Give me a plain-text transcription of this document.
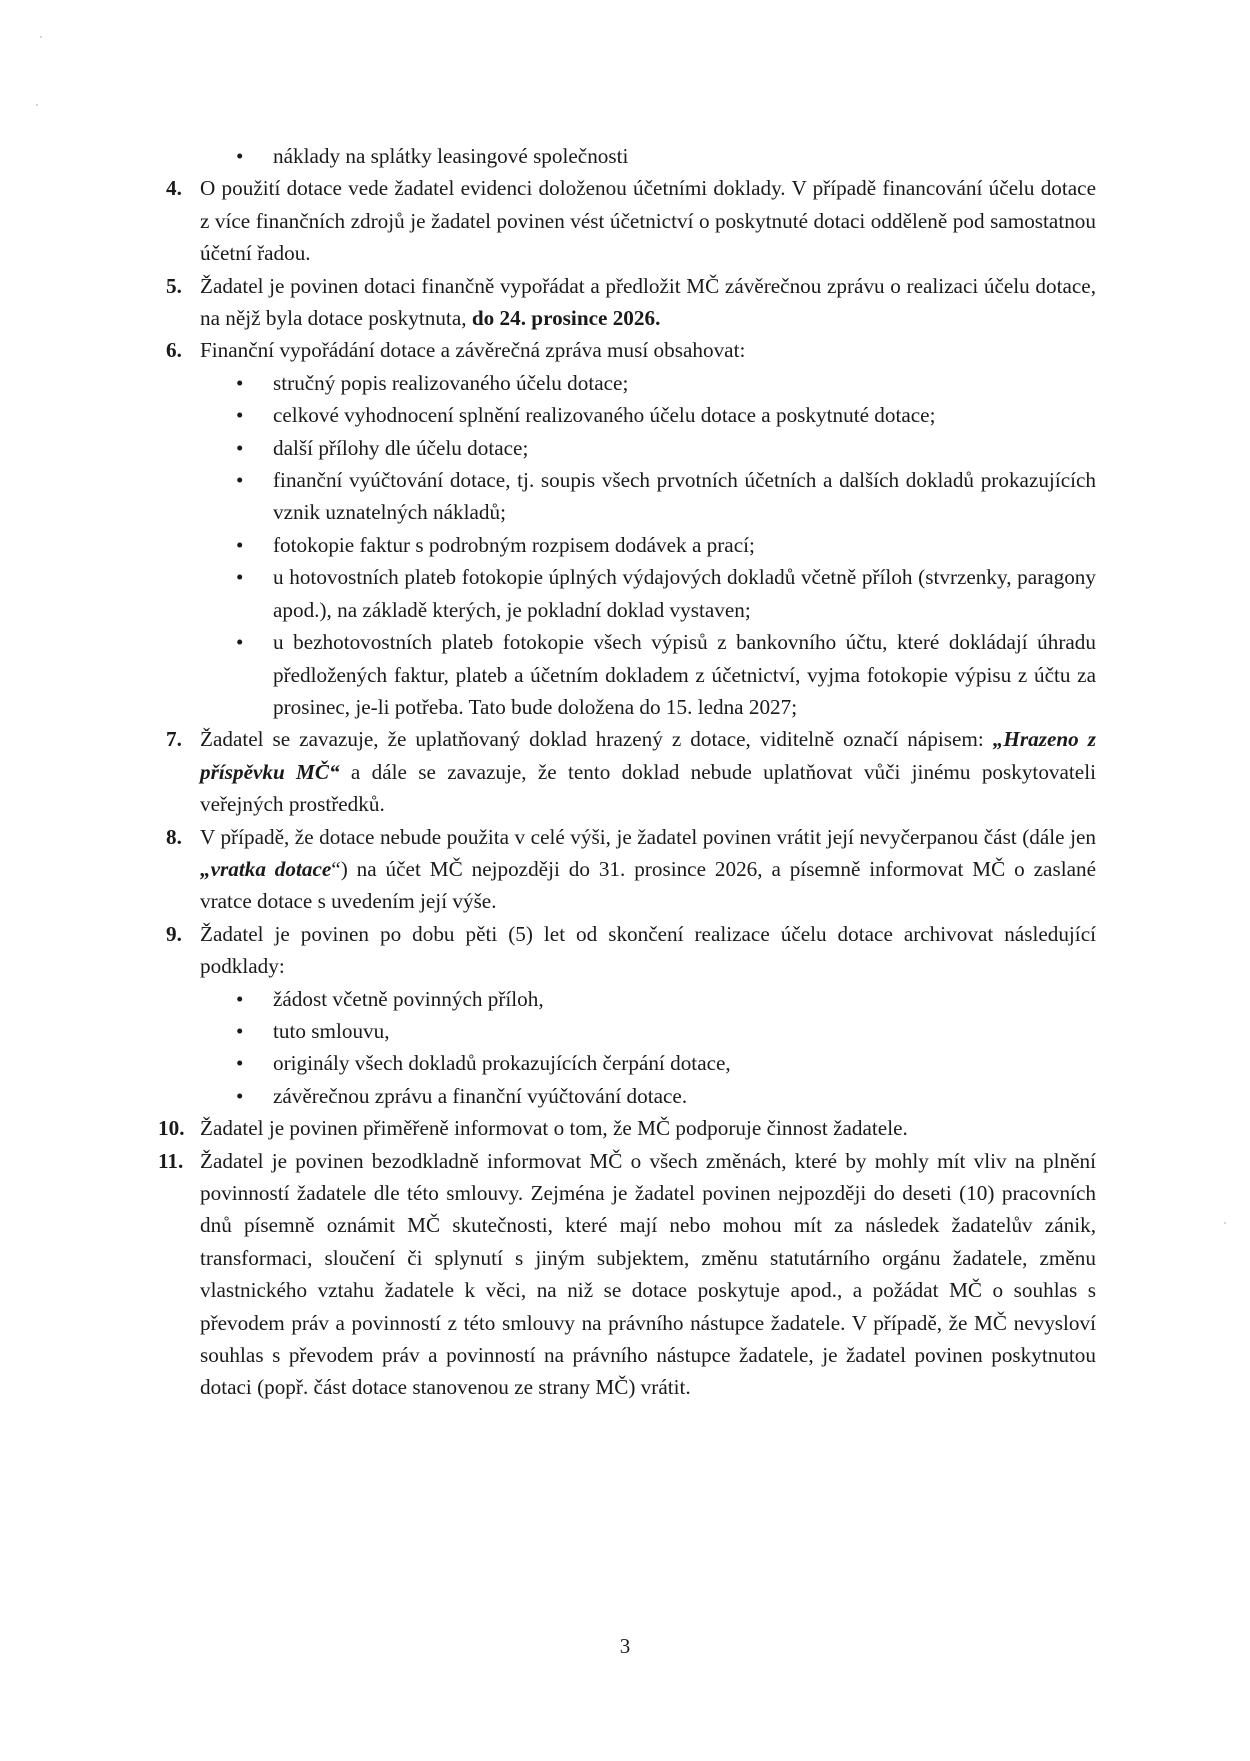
• náklady na splátky leasingové společnosti
4. O použití dotace vede žadatel evidenci doloženou účetními doklady. V případě financování účelu dotace z více finančních zdrojů je žadatel povinen vést účetnictví o poskytnuté dotaci odděleně pod samostatnou účetní řadou.
5. Žadatel je povinen dotaci finančně vypořádat a předložit MČ závěrečnou zprávu o realizaci účelu dotace, na nějž byla dotace poskytnuta, do 24. prosince 2026.
6. Finanční vypořádání dotace a závěrečná zpráva musí obsahovat:
• stručný popis realizovaného účelu dotace;
• celkové vyhodnocení splnění realizovaného účelu dotace a poskytnuté dotace;
• další přílohy dle účelu dotace;
• finanční vyúčtování dotace, tj. soupis všech prvotních účetních a dalších dokladů prokazujících vznik uznatelných nákladů;
• fotokopie faktur s podrobným rozpisem dodávek a prací;
• u hotovostních plateb fotokopie úplných výdajových dokladů včetně příloh (stvrzenky, paragony apod.), na základě kterých, je pokladní doklad vystaven;
• u bezhotovostních plateb fotokopie všech výpisů z bankovního účtu, které dokládají úhradu předložených faktur, plateb a účetním dokladem z účetnictví, vyjma fotokopie výpisu z účtu za prosinec, je-li potřeba. Tato bude doložena do 15. ledna 2027;
7. Žadatel se zavazuje, že uplatňovaný doklad hrazený z dotace, viditelně označí nápisem: „Hrazeno z příspěvku MČ“ a dále se zavazuje, že tento doklad nebude uplatňovat vůči jinému poskytovateli veřejných prostředků.
8. V případě, že dotace nebude použita v celé výši, je žadatel povinen vrátit její nevyčerpanou část (dále jen „vratka dotace“) na účet MČ nejpozději do 31. prosince 2026, a písemně informovat MČ o zaslané vratce dotace s uvedením její výše.
9. Žadatel je povinen po dobu pěti (5) let od skončení realizace účelu dotace archivovat následující podklady:
• žádost včetně povinných příloh,
• tuto smlouvu,
• originály všech dokladů prokazujících čerpání dotace,
• závěrečnou zprávu a finanční vyúčtování dotace.
10. Žadatel je povinen přiměřeně informovat o tom, že MČ podporuje činnost žadatele.
11. Žadatel je povinen bezodkladně informovat MČ o všech změnách, které by mohly mít vliv na plnění povinností žadatele dle této smlouvy. Zejména je žadatel povinen nejpozději do deseti (10) pracovních dnů písemně oznámit MČ skutečnosti, které mají nebo mohou mít za následek žadatelův zánik, transformaci, sloučení či splynutí s jiným subjektem, změnu statutárního orgánu žadatele, změnu vlastnického vztahu žadatele k věci, na niž se dotace poskytuje apod., a požádat MČ o souhlas s převodem práv a povinností z této smlouvy na právního nástupce žadatele. V případě, že MČ nevysloví souhlas s převodem práv a povinností na právního nástupce žadatele, je žadatel povinen poskytnutou dotaci (popř. část dotace stanovenou ze strany MČ) vrátit.
3
